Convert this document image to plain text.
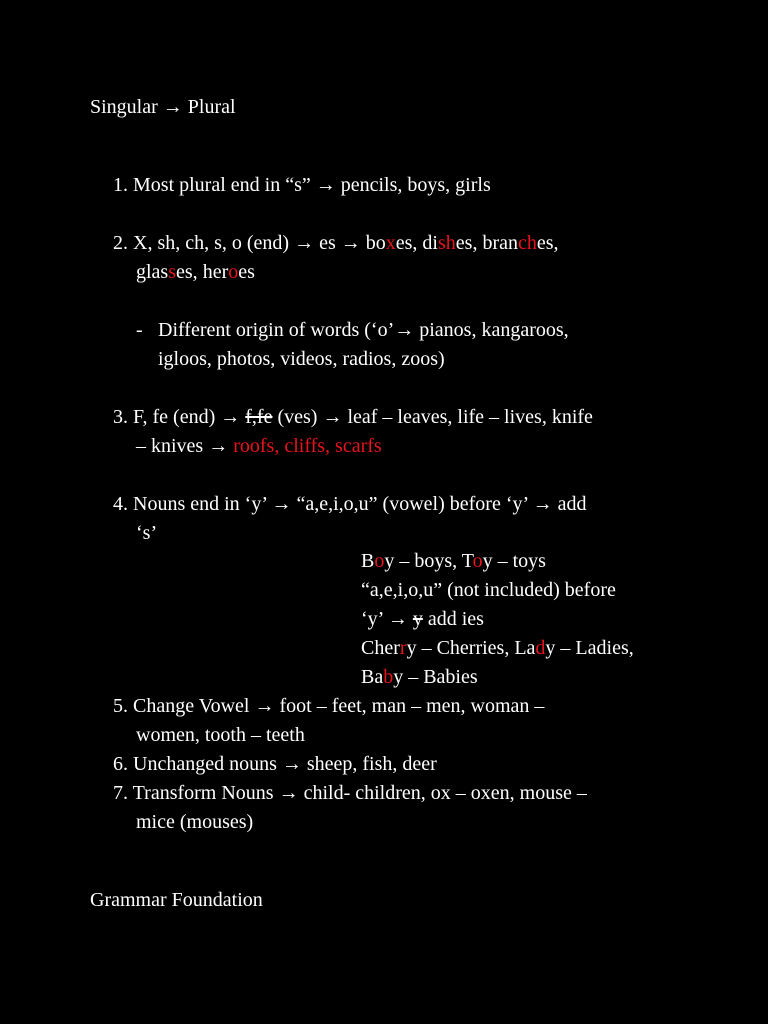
Singular → Plural
1. Most plural end in “s” → pencils, boys, girls
2. X, sh, ch, s, o (end) → es → boxes, dishes, branches,
glasses, heroes
- Different origin of words (‘o’→ pianos, kangaroos,
igloos, photos, videos, radios, zoos)
3. F, fe (end) → f,fe (ves) → leaf – leaves, life – lives, knife
– knives → roofs, cliffs, scarfs
4. Nouns end in ‘y’ → “a,e,i,o,u” (vowel) before ‘y’ → add
‘s’
Boy – boys, Toy – toys
“a,e,i,o,u” (not included) before
‘y’ → y add ies
Cherry – Cherries, Lady – Ladies,
Baby – Babies
5. Change Vowel → foot – feet, man – men, woman –
women, tooth – teeth
6. Unchanged nouns → sheep, fish, deer
7. Transform Nouns → child- children, ox – oxen, mouse –
mice (mouses)
Grammar Foundation
